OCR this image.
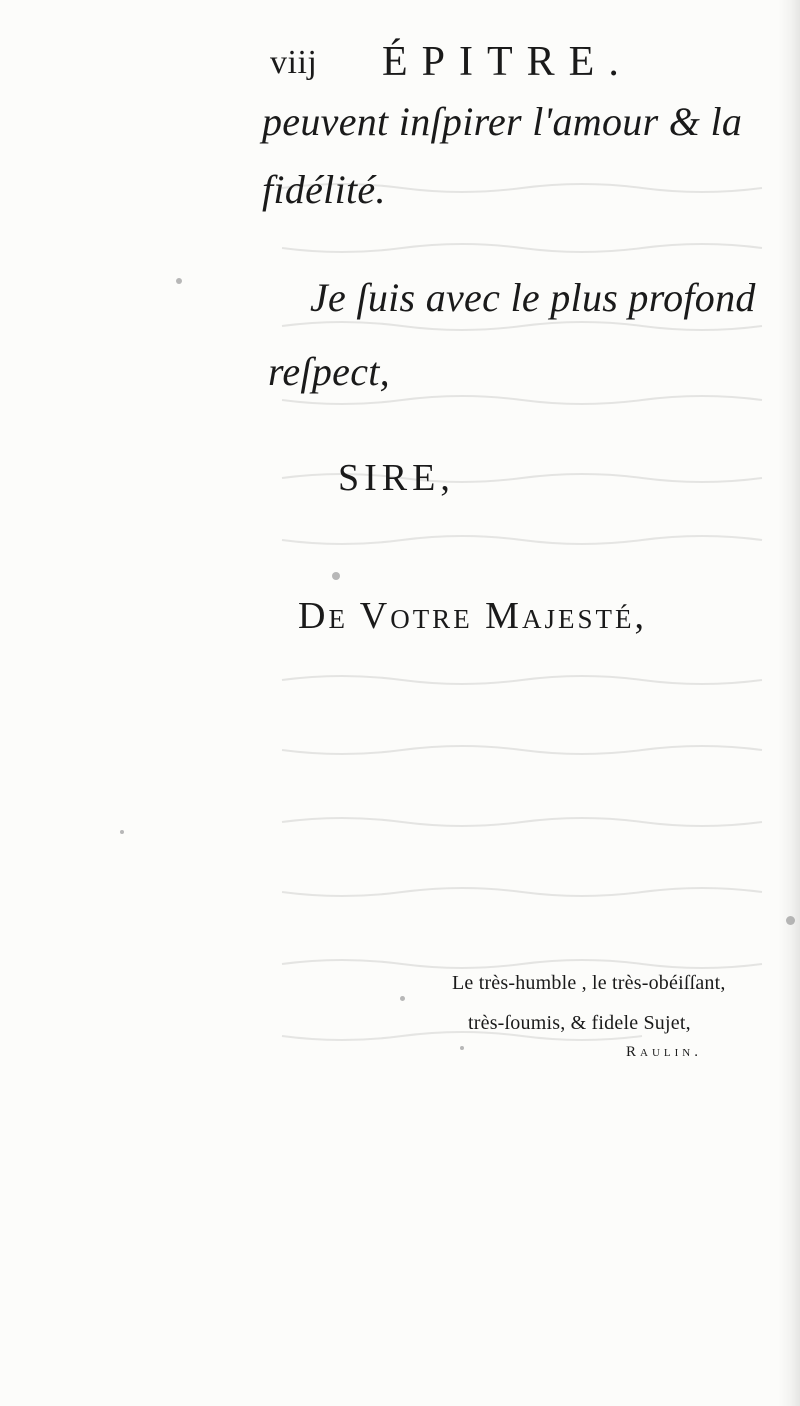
viij ÉPITRE.
peuvent inſpirer l'amour & la
fidélité.
Je ſuis avec le plus profond
reſpect,
SIRE,
De Votre Majesté,
Le très-humble , le très-obéiſſant,
très-ſoumis, & fidele Sujet,
Raulin.
